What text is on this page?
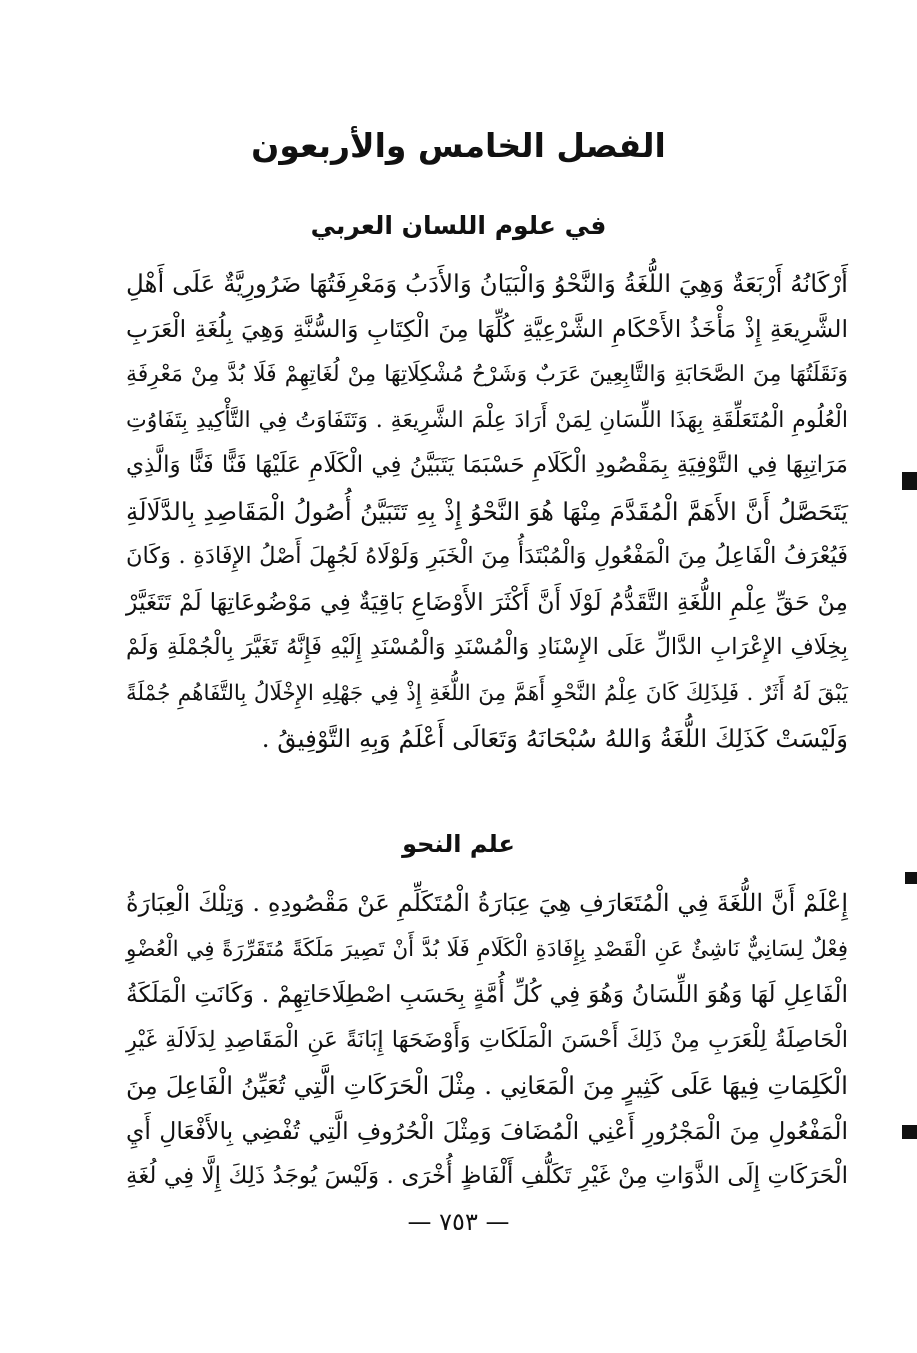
الفصل الخامس والأربعون
في علوم اللسان العربي
أَرْكَانُهُ أَرْبَعَةٌ وَهِيَ اللُّغَةُ وَالنَّحْوُ وَالْبَيَانُ وَالأَدَبُ وَمَعْرِفَتُهَا ضَرُورِيَّةٌ عَلَى أَهْلِ
الشَّرِيعَةِ إِذْ مَأْخَذُ الأَحْكَامِ الشَّرْعِيَّةِ كُلِّهَا مِنَ الْكِتَابِ وَالسُّنَّةِ وَهِيَ بِلُغَةِ الْعَرَبِ
وَنَقَلَتُهَا مِنَ الصَّحَابَةِ وَالتَّابِعِينَ عَرَبٌ وَشَرْحُ مُشْكِلَاتِهَا مِنْ لُغَاتِهِمْ فَلَا بُدَّ مِنْ مَعْرِفَةِ
الْعُلُومِ الْمُتَعَلِّقَةِ بِهَذَا اللِّسَانِ لِمَنْ أَرَادَ عِلْمَ الشَّرِيعَةِ . وَتَتَفَاوَتُ فِي التَّأْكِيدِ بِتَفَاوُتِ
مَرَاتِبِهَا فِي التَّوْفِيَةِ بِمَقْصُودِ الْكَلَامِ حَسْبَمَا يَتَبَيَّنُ فِي الْكَلَامِ عَلَيْهَا فَنًّا فَنًّا وَالَّذِي
يَتَحَصَّلُ أَنَّ الأَهَمَّ الْمُقَدَّمَ مِنْهَا هُوَ النَّحْوُ إِذْ بِهِ تَتَبَيَّنُ أُصُولُ الْمَقَاصِدِ بِالدَّلَالَةِ
فَيُعْرَفُ الْفَاعِلُ مِنَ الْمَفْعُولِ وَالْمُبْتَدَأُ مِنَ الْخَبَرِ وَلَوْلَاهُ لَجُهِلَ أَصْلُ الإِفَادَةِ . وَكَانَ
مِنْ حَقِّ عِلْمِ اللُّغَةِ التَّقَدُّمُ لَوْلَا أَنَّ أَكْثَرَ الأَوْضَاعِ بَاقِيَةٌ فِي مَوْضُوعَاتِهَا لَمْ تَتَغَيَّرْ
بِخِلَافِ الإِعْرَابِ الدَّالِّ عَلَى الإِسْنَادِ وَالْمُسْنَدِ وَالْمُسْنَدِ إِلَيْهِ فَإِنَّهُ تَغَيَّرَ بِالْجُمْلَةِ وَلَمْ
يَبْقَ لَهُ أَثَرٌ . فَلِذَلِكَ كَانَ عِلْمُ النَّحْوِ أَهَمَّ مِنَ اللُّغَةِ إِذْ فِي جَهْلِهِ الإِخْلَالُ بِالتَّفَاهُمِ جُمْلَةً
وَلَيْسَتْ كَذَلِكَ اللُّغَةُ وَاللهُ سُبْحَانَهُ وَتَعَالَى أَعْلَمُ وَبِهِ التَّوْفِيقُ .
علم النحو
إِعْلَمْ أَنَّ اللُّغَةَ فِي الْمُتَعَارَفِ هِيَ عِبَارَةُ الْمُتَكَلِّمِ عَنْ مَقْصُودِهِ . وَتِلْكَ الْعِبَارَةُ
فِعْلٌ لِسَانِيٌّ نَاشِئٌ عَنِ الْقَصْدِ بِإِفَادَةِ الْكَلَامِ فَلَا بُدَّ أَنْ تَصِيرَ مَلَكَةً مُتَقَرِّرَةً فِي الْعُضْوِ
الْفَاعِلِ لَهَا وَهُوَ اللِّسَانُ وَهُوَ فِي كُلِّ أُمَّةٍ بِحَسَبِ اصْطِلَاحَاتِهِمْ . وَكَانَتِ الْمَلَكَةُ
الْحَاصِلَةُ لِلْعَرَبِ مِنْ ذَلِكَ أَحْسَنَ الْمَلَكَاتِ وَأَوْضَحَهَا إِبَانَةً عَنِ الْمَقَاصِدِ لِدَلَالَةِ غَيْرِ
الْكَلِمَاتِ فِيهَا عَلَى كَثِيرٍ مِنَ الْمَعَانِي . مِثْلَ الْحَرَكَاتِ الَّتِي تُعَيِّنُ الْفَاعِلَ مِنَ
الْمَفْعُولِ مِنَ الْمَجْرُورِ أَعْنِي الْمُضَافَ وَمِثْلَ الْحُرُوفِ الَّتِي تُفْضِي بِالأَفْعَالِ أَيِ
الْحَرَكَاتِ إِلَى الذَّوَاتِ مِنْ غَيْرِ تَكَلُّفِ أَلْفَاظٍ أُخْرَى . وَلَيْسَ يُوجَدُ ذَلِكَ إِلَّا فِي لُغَةِ
— ٧٥٣ —
